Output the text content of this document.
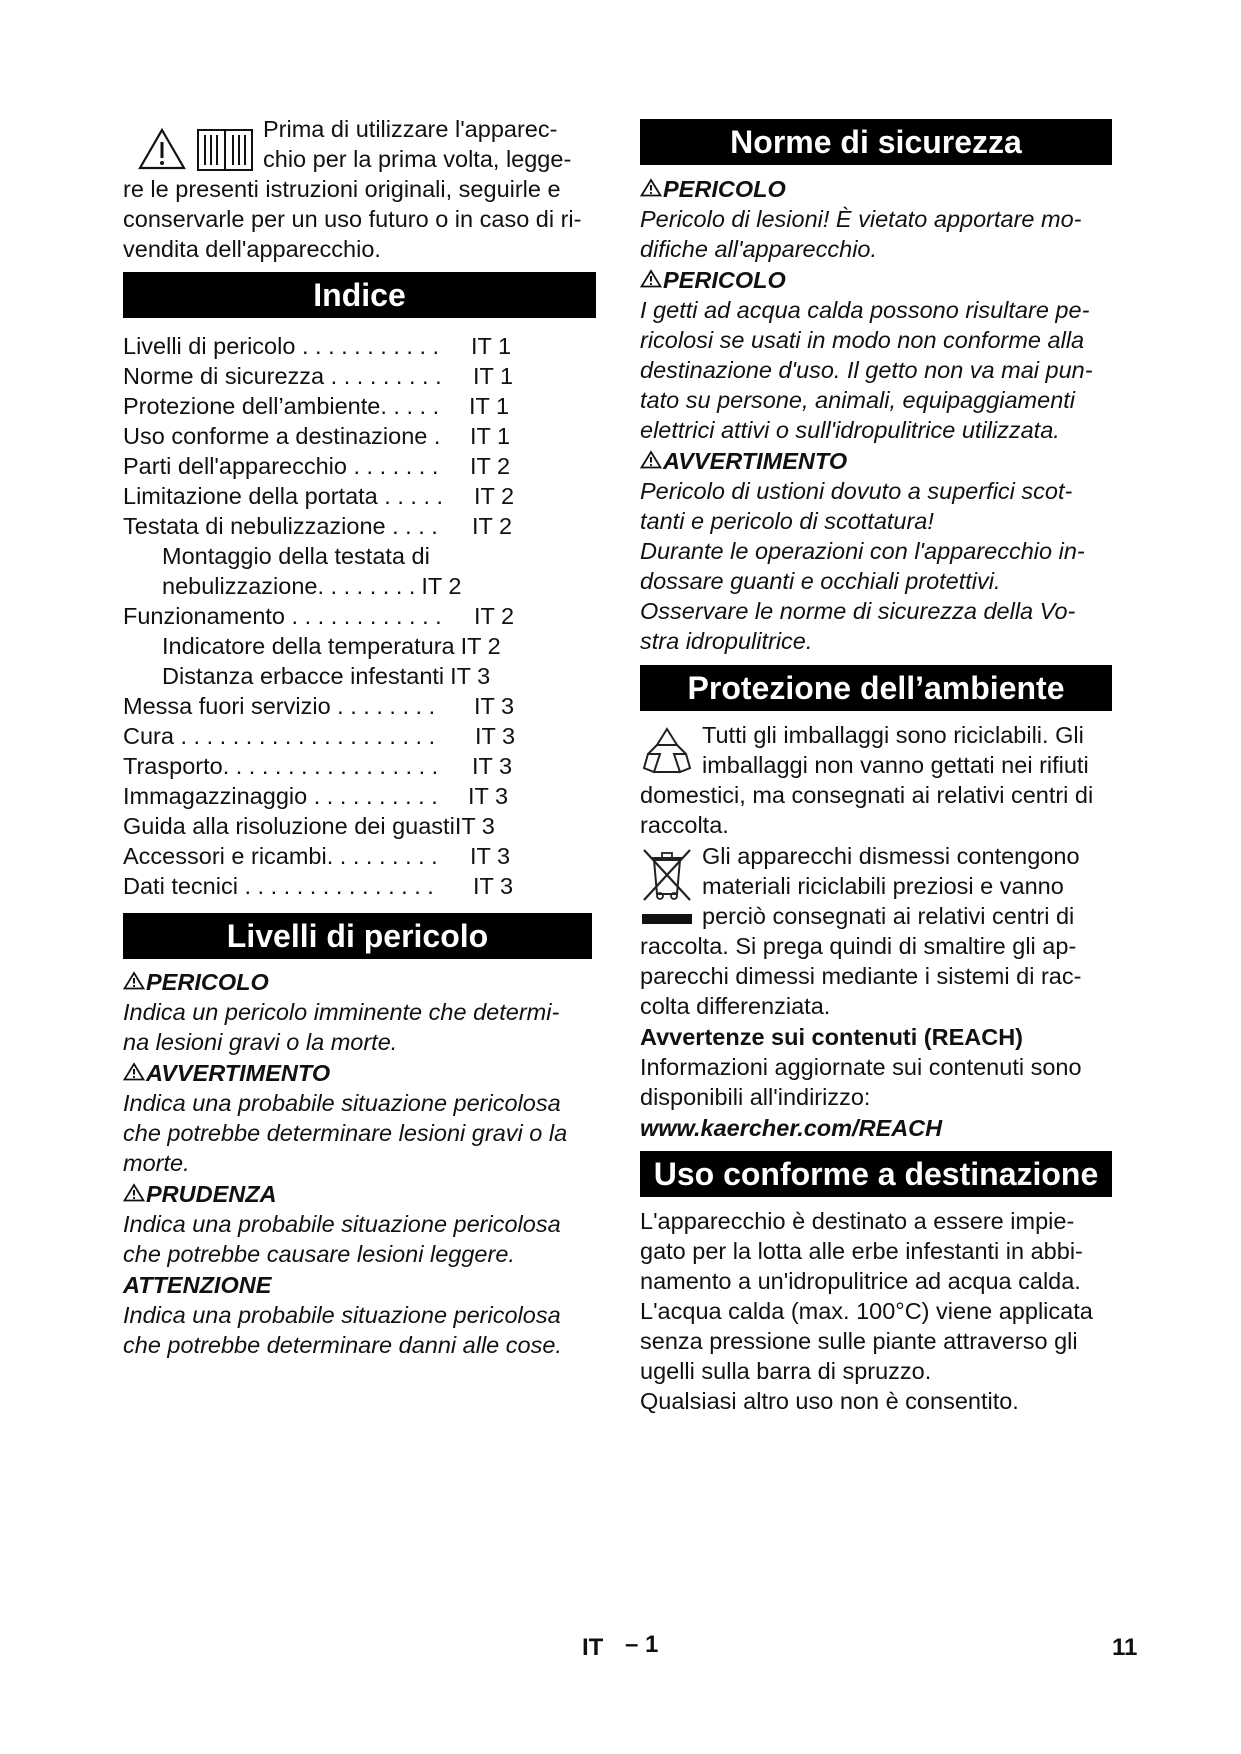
Prima di utilizzare l'apparec-
chio per la prima volta, legge-
re le presenti istruzioni originali, seguirle e
conservarle per un uso futuro o in caso di ri-
vendita dell'apparecchio.
Indice
Livelli di pericolo . . . . . . . . . . . IT 1
Norme di sicurezza . . . . . . . . . IT 1
Protezione dell’ambiente. . . . . IT 1
Uso conforme a destinazione . IT 1
Parti dell'apparecchio . . . . . . . IT 2
Limitazione della portata . . . . . IT 2
Testata di nebulizzazione . . . . IT 2
Montaggio della testata di
nebulizzazione. . . . . . . . IT 2
Funzionamento . . . . . . . . . . . . IT 2
Indicatore della temperatura IT 2
Distanza erbacce infestanti IT 3
Messa fuori servizio . . . . . . . . IT 3
Cura . . . . . . . . . . . . . . . . . . . . IT 3
Trasporto. . . . . . . . . . . . . . . . . IT 3
Immagazzinaggio . . . . . . . . . . IT 3
Guida alla risoluzione dei guastiIT 3
Accessori e ricambi. . . . . . . . . IT 3
Dati tecnici . . . . . . . . . . . . . . . IT 3
Livelli di pericolo
PERICOLO
Indica un pericolo imminente che determi-
na lesioni gravi o la morte.
AVVERTIMENTO
Indica una probabile situazione pericolosa
che potrebbe determinare lesioni gravi o la
morte.
PRUDENZA
Indica una probabile situazione pericolosa
che potrebbe causare lesioni leggere.
ATTENZIONE
Indica una probabile situazione pericolosa
che potrebbe determinare danni alle cose.
Norme di sicurezza
PERICOLO
Pericolo di lesioni! È vietato apportare mo-
difiche all'apparecchio.
PERICOLO
I getti ad acqua calda possono risultare pe-
ricolosi se usati in modo non conforme alla
destinazione d'uso. Il getto non va mai pun-
tato su persone, animali, equipaggiamenti
elettrici attivi o sull'idropulitrice utilizzata.
AVVERTIMENTO
Pericolo di ustioni dovuto a superfici scot-
tanti e pericolo di scottatura!
Durante le operazioni con l'apparecchio in-
dossare guanti e occhiali protettivi.
Osservare le norme di sicurezza della Vo-
stra idropulitrice.
Protezione dell’ambiente
Tutti gli imballaggi sono riciclabili. Gli
imballaggi non vanno gettati nei rifiuti
domestici, ma consegnati ai relativi centri di
raccolta.
Gli apparecchi dismessi contengono
materiali riciclabili preziosi e vanno
perciò consegnati ai relativi centri di
raccolta. Si prega quindi di smaltire gli ap-
parecchi dimessi mediante i sistemi di rac-
colta differenziata.
Avvertenze sui contenuti (REACH)
Informazioni aggiornate sui contenuti sono
disponibili all'indirizzo:
www.kaercher.com/REACH
Uso conforme a destinazione
L'apparecchio è destinato a essere impie-
gato per la lotta alle erbe infestanti in abbi-
namento a un'idropulitrice ad acqua calda.
L'acqua calda (max. 100°C) viene applicata
senza pressione sulle piante attraverso gli
ugelli sulla barra di spruzzo.
Qualsiasi altro uso non è consentito.
IT – 1	11
